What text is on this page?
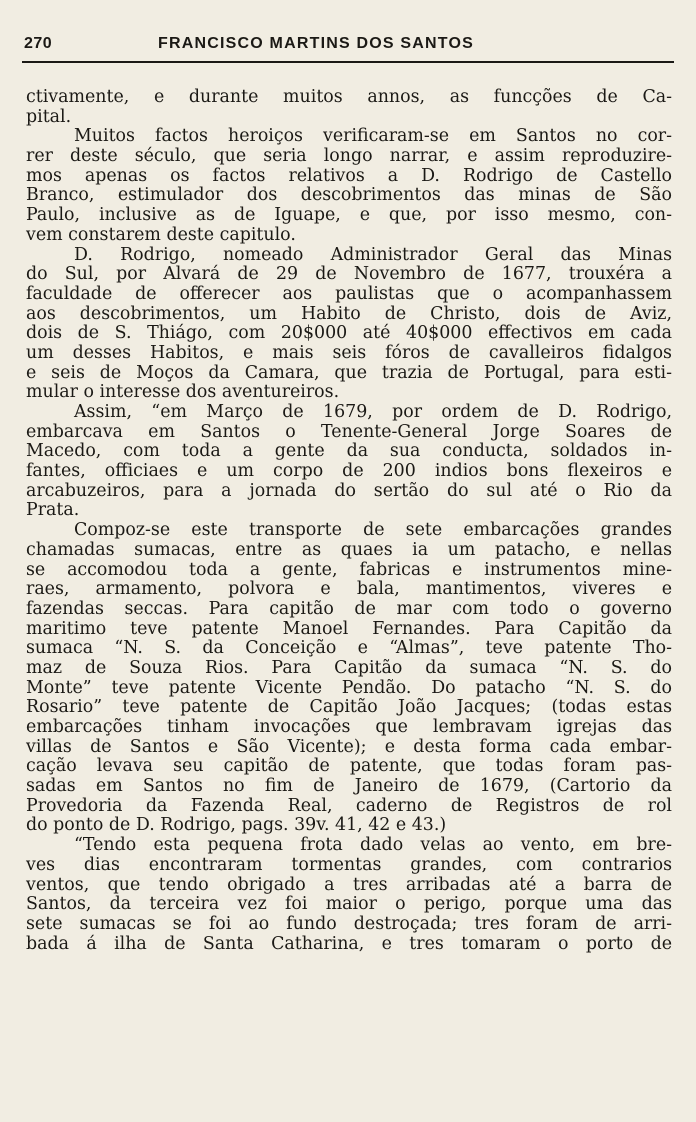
270	FRANCISCO MARTINS DOS SANTOS
ctivamente, e durante muitos annos, as funcções de Ca-
pital.
Muitos factos heroiços verificaram-se em Santos no cor-
rer deste século, que seria longo narrar, e assim reproduzire-
mos apenas os factos relativos a D. Rodrigo de Castello
Branco, estimulador dos descobrimentos das minas de São
Paulo, inclusive as de Iguape, e que, por isso mesmo, con-
vem constarem deste capitulo.
D. Rodrigo, nomeado Administrador Geral das Minas
do Sul, por Alvará de 29 de Novembro de 1677, trouxéra a
faculdade de offerecer aos paulistas que o acompanhassem
aos descobrimentos, um Habito de Christo, dois de Aviz,
dois de S. Thiágo, com 20$000 até 40$000 effectivos em cada
um desses Habitos, e mais seis fóros de cavalleiros fidalgos
e seis de Moços da Camara, que trazia de Portugal, para esti-
mular o interesse dos aventureiros.
Assim, “em Março de 1679, por ordem de D. Rodrigo,
embarcava em Santos o Tenente-General Jorge Soares de
Macedo, com toda a gente da sua conducta, soldados in-
fantes, officiaes e um corpo de 200 indios bons flexeiros e
arcabuzeiros, para a jornada do sertão do sul até o Rio da
Prata.
Compoz-se este transporte de sete embarcações grandes
chamadas sumacas, entre as quaes ia um patacho, e nellas
se accomodou toda a gente, fabricas e instrumentos mine-
raes, armamento, polvora e bala, mantimentos, viveres e
fazendas seccas. Para capitão de mar com todo o governo
maritimo teve patente Manoel Fernandes. Para Capitão da
sumaca “N. S. da Conceição e “Almas”, teve patente Tho-
maz de Souza Rios. Para Capitão da sumaca “N. S. do
Monte” teve patente Vicente Pendão. Do patacho “N. S. do
Rosario” teve patente de Capitão João Jacques; (todas estas
embarcações tinham invocações que lembravam igrejas das
villas de Santos e São Vicente); e desta forma cada embar-
cação levava seu capitão de patente, que todas foram pas-
sadas em Santos no fim de Janeiro de 1679, (Cartorio da
Provedoria da Fazenda Real, caderno de Registros de rol
do ponto de D. Rodrigo, pags. 39v. 41, 42 e 43.)
“Tendo esta pequena frota dado velas ao vento, em bre-
ves dias encontraram tormentas grandes, com contrarios
ventos, que tendo obrigado a tres arribadas até a barra de
Santos, da terceira vez foi maior o perigo, porque uma das
sete sumacas se foi ao fundo destroçada; tres foram de arri-
bada á ilha de Santa Catharina, e tres tomaram o porto de
